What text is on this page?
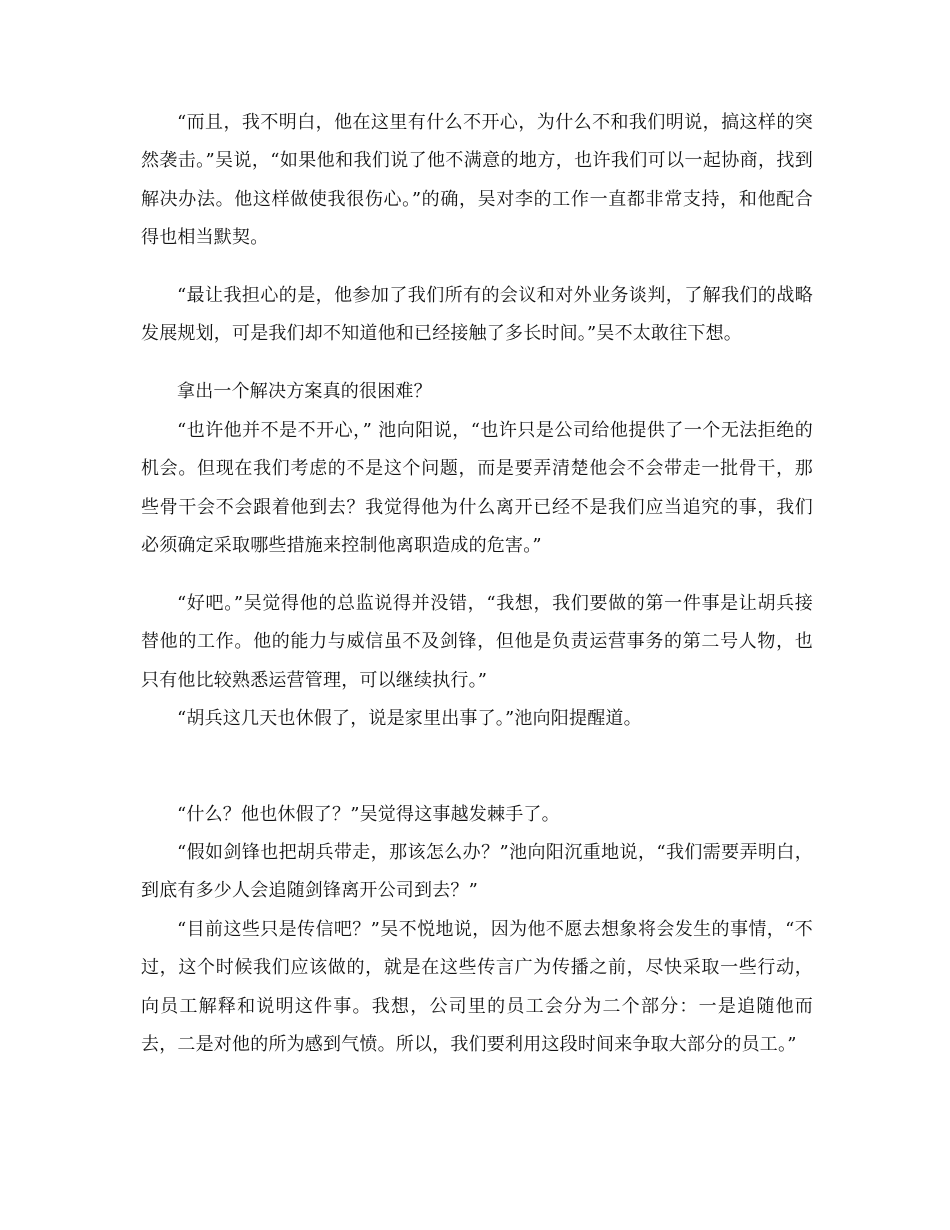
“而且，我不明白，他在这里有什么不开心，为什么不和我们明说，搞这样的突然袭击。”吴说，“如果他和我们说了他不满意的地方，也许我们可以一起协商，找到解决办法。他这样做使我很伤心。”的确，吴对李的工作一直都非常支持，和他配合得也相当默契。

“最让我担心的是，他参加了我们所有的会议和对外业务谈判，了解我们的战略发展规划，可是我们却不知道他和已经接触了多长时间。”吴不太敢往下想。

拿出一个解决方案真的很困难？

“也许他并不是不开心，” 池向阳说，“也许只是公司给他提供了一个无法拒绝的机会。但现在我们考虑的不是这个问题，而是要弄清楚他会不会带走一批骨干，那些骨干会不会跟着他到去？我觉得他为什么离开已经不是我们应当追究的事，我们必须确定采取哪些措施来控制他离职造成的危害。”

“好吧。”吴觉得他的总监说得并没错，“我想，我们要做的第一件事是让胡兵接替他的工作。他的能力与威信虽不及剑锋，但他是负责运营事务的第二号人物，也只有他比较熟悉运营管理，可以继续执行。”

“胡兵这几天也休假了，说是家里出事了。”池向阳提醒道。

“什么？他也休假了？”吴觉得这事越发棘手了。

“假如剑锋也把胡兵带走，那该怎么办？”池向阳沉重地说，“我们需要弄明白，到底有多少人会追随剑锋离开公司到去？”

“目前这些只是传信吧？”吴不悦地说，因为他不愿去想象将会发生的事情，“不过，这个时候我们应该做的，就是在这些传言广为传播之前，尽快采取一些行动，向员工解释和说明这件事。我想，公司里的员工会分为二个部分：一是追随他而去，二是对他的所为感到气愤。所以，我们要利用这段时间来争取大部分的员工。”
